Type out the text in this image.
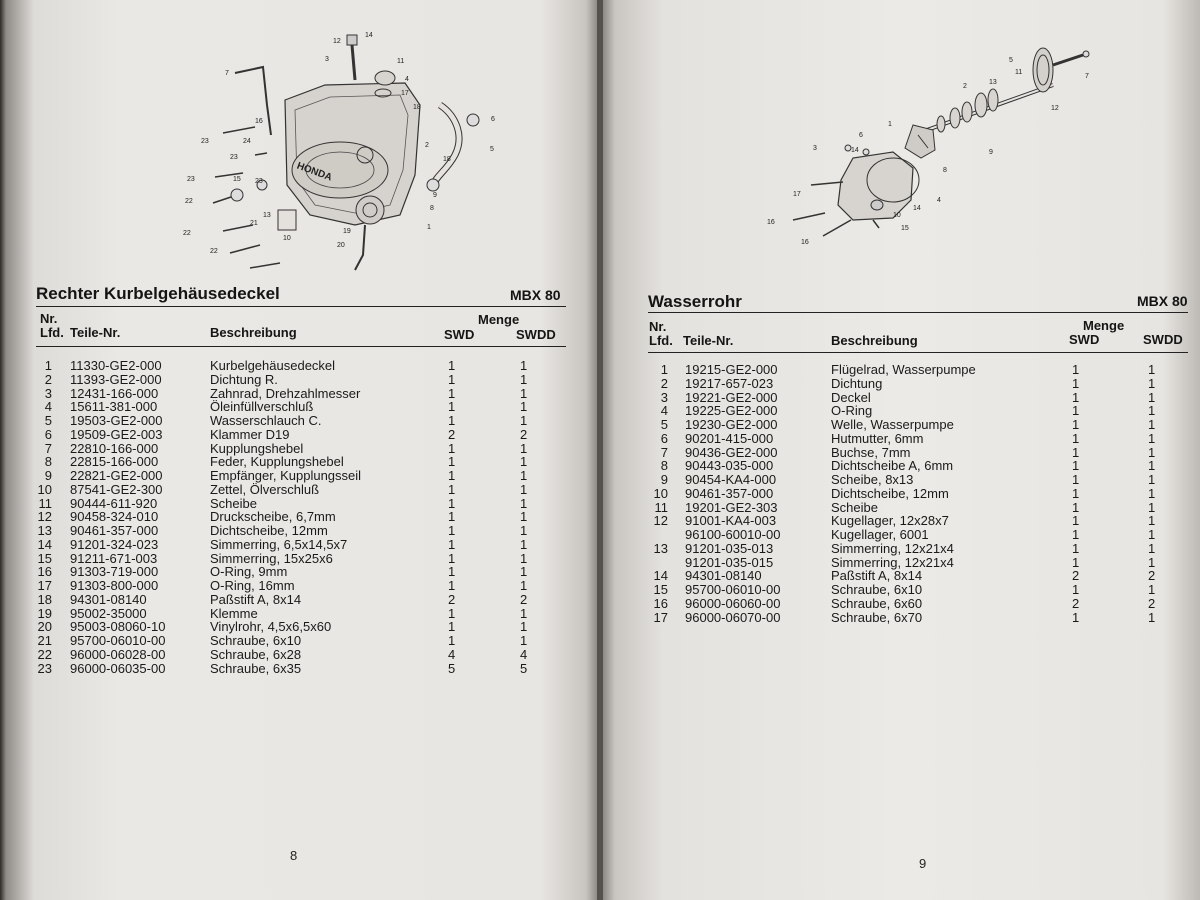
HONDA
12
14
3	11
7
4
17
16
18
6
2
23	24
18
5
23
15
23
9
22
13
21
8
23
10
1
22	19
20
22
Rechter Kurbelgehäusedeckel	MBX 80
Nr.
Lfd. Teile-Nr.	Beschreibung
Menge
SWD	SWDD
1 11330-GE2-000	Kurbelgehäusedeckel	1	1
2 11393-GE2-000	Dichtung R.	1	1
3 12431-166-000	Zahnrad, Drehzahlmesser	1	1
4 15611-381-000	Öleinfüllverschluß	1	1
5 19503-GE2-000	Wasserschlauch C.	1	1
6 19509-GE2-003	Klammer D19	2	2
7 22810-166-000	Kupplungshebel	1	1
8 22815-166-000	Feder, Kupplungshebel	1	1
9 22821-GE2-000	Empfänger, Kupplungsseil	1	1
10 87541-GE2-300	Zettel, Ölverschluß	1	1
11 90444-611-920	Scheibe	1	1
12 90458-324-010	Druckscheibe, 6,7mm	1	1
13 90461-357-000	Dichtscheibe, 12mm	1	1
14 91201-324-023	Simmerring, 6,5x14,5x7	1	1
15 91211-671-003	Simmerring, 15x25x6	1	1
16 91303-719-000	O-Ring, 9mm	1	1
17 91303-800-000	O-Ring, 16mm	1	1
18 94301-08140	Paßstift A, 8x14	2	2
19 95002-35000	Klemme	1	1
20 95003-08060-10	Vinylrohr, 4,5x6,5x60	1	1
21 95700-06010-00	Schraube, 6x10	1	1
22 96000-06028-00	Schraube, 6x28	4	4
23 96000-06035-00	Schraube, 6x35	5	5
8
5
7
2
13
11
12
1
9
6
14
3
8
17
4
14
10
15
16
16
Wasserrohr	MBX 80
Nr.
Lfd. Teile-Nr.	Beschreibung
Menge
SWD	SWDD
1 19215-GE2-000	Flügelrad, Wasserpumpe	1	1
2 19217-657-023	Dichtung	1	1
3 19221-GE2-000	Deckel	1	1
4 19225-GE2-000	O-Ring	1	1
5 19230-GE2-000	Welle, Wasserpumpe	1	1
6 90201-415-000	Hutmutter, 6mm	1	1
7 90436-GE2-000	Buchse, 7mm	1	1
8 90443-035-000	Dichtscheibe A, 6mm	1	1
9 90454-KA4-000	Scheibe, 8x13	1	1
10 90461-357-000	Dichtscheibe, 12mm	1	1
11 19201-GE2-303	Scheibe	1	1
12 91001-KA4-003	Kugellager, 12x28x7	1	1
96100-60010-00	Kugellager, 6001	1	1
13 91201-035-013	Simmerring, 12x21x4	1	1
91201-035-015	Simmerring, 12x21x4	1	1
14 94301-08140	Paßstift A, 8x14	2	2
15 95700-06010-00	Schraube, 6x10	1	1
16 96000-06060-00	Schraube, 6x60	2	2
17 96000-06070-00	Schraube, 6x70	1	1
9
